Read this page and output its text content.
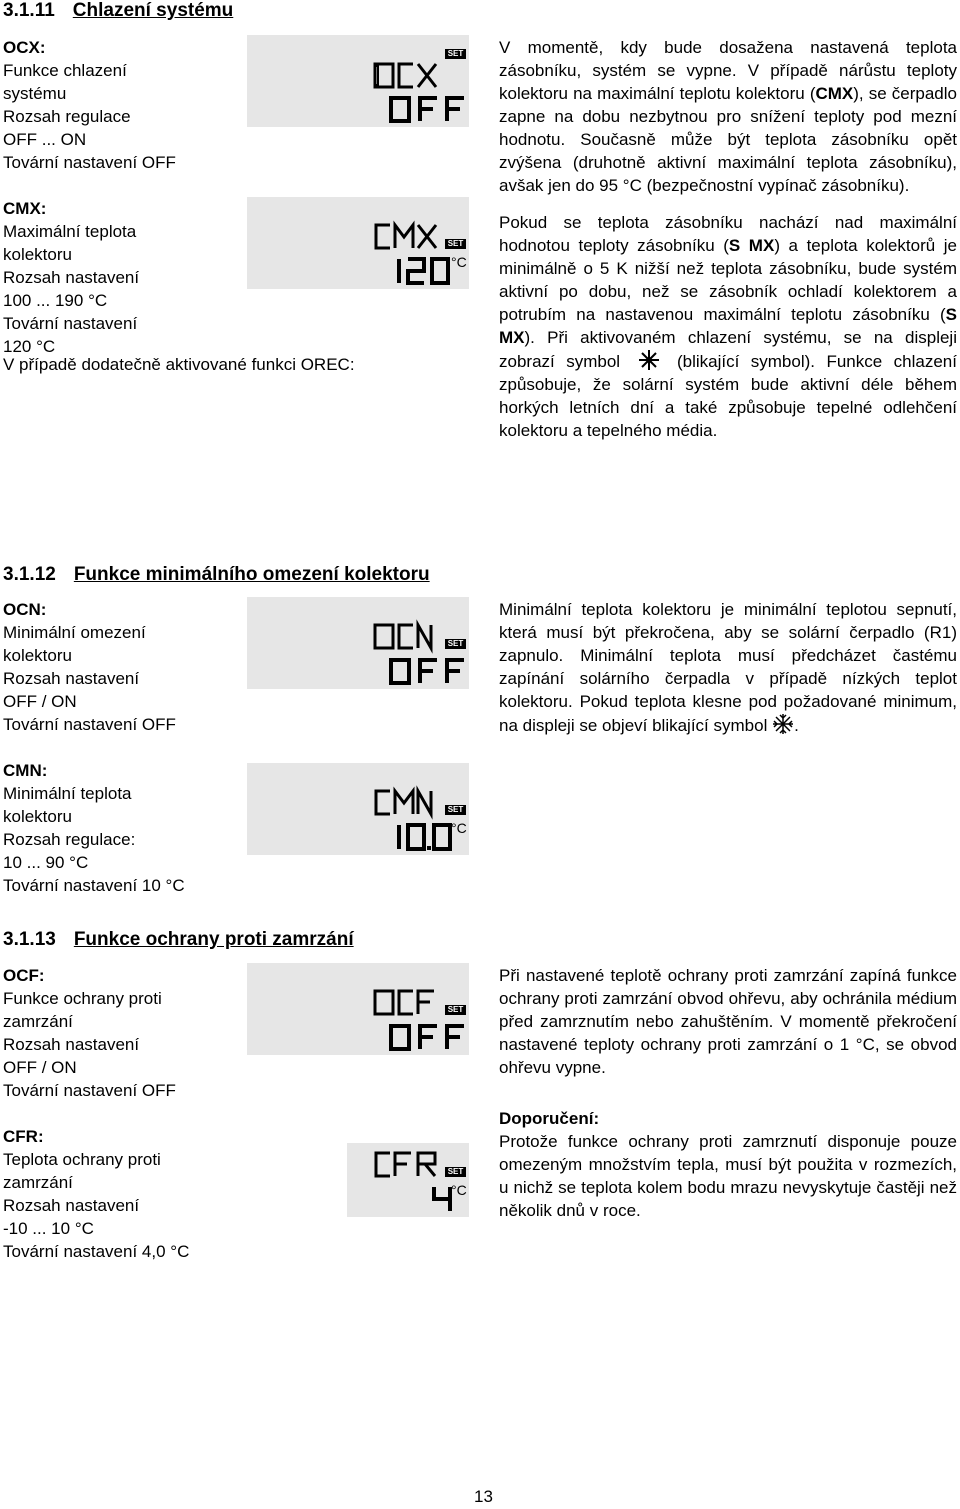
3.1.11 Chlazení systému
OCX:
Funkce chlazení
systému
Rozsah regulace
OFF ... ON
Tovární nastavení OFF
CMX:
Maximální teplota
kolektoru
Rozsah nastavení
100 ... 190 °C
Tovární nastavení
120 °C
V případě dodatečně aktivované funkci OREC:
SET
SET
°C
V momentě, kdy bude dosažena nastavená teplota zásobníku, systém se vypne. V případě nárůstu teploty kolektoru na maximální teplotu kolektoru (CMX), se čerpadlo zapne na dobu nezbytnou pro snížení teploty pod mezní hodnotu. Současně může být teplota zásobníku opět zvýšena (druhotně aktivní maximální teplota zásobníku), avšak jen do 95 °C (bezpečnostní vypínač zásobníku).
Pokud se teplota zásobníku nachází nad maximální hodnotou teploty zásobníku (S MX) a teplota kolektorů je minimálně o 5 K nižší než teplota zásobníku, bude systém aktivní po dobu, než se zásobník ochladí kolektorem a potrubím na nastavenou maximální teplotu zásobníku (S MX). Při aktivovaném chlazení systému, se na displeji zobrazí symbol	(blikající symbol). Funkce chlazení způsobuje, že solární systém bude aktivní déle během horkých letních dní a také způsobuje tepelné odlehčení kolektoru a tepelného média.
3.1.12 Funkce minimálního omezení kolektoru
OCN:
Minimální omezení
kolektoru
Rozsah nastavení
OFF / ON
Tovární nastavení OFF
CMN:
Minimální teplota
kolektoru
Rozsah regulace:
10 ... 90 °C
Tovární nastavení 10 °C
SET
SET
°C
Minimální teplota kolektoru je minimální teplotou sepnutí, která musí být překročena, aby se solární čerpadlo (R1) zapnulo. Minimální teplota musí předcházet častému zapínání solárního čerpadla v případě nízkých teplot kolektoru. Pokud teplota klesne pod požadované minimum, na displeji se objeví blikající symbol .
3.1.13 Funkce ochrany proti zamrzání
OCF:
Funkce ochrany proti
zamrzání
Rozsah nastavení
OFF / ON
Tovární nastavení OFF
CFR:
Teplota ochrany proti
zamrzání
Rozsah nastavení
-10 ... 10 °C
Tovární nastavení 4,0 °C
SET
SET
°C
Při nastavené teplotě ochrany proti zamrzání zapíná funkce ochrany proti zamrzání obvod ohřevu, aby ochránila médium před zamrznutím nebo zahuštěním. V momentě překročení nastavené teploty ochrany proti zamrzání o 1 °C, se obvod ohřevu vypne.
Doporučení:
Protože funkce ochrany proti zamrznutí disponuje pouze omezeným množstvím tepla, musí být použita v rozmezích, u nichž se teplota kolem bodu mrazu nevyskytuje častěji než několik dnů v roce.
13
